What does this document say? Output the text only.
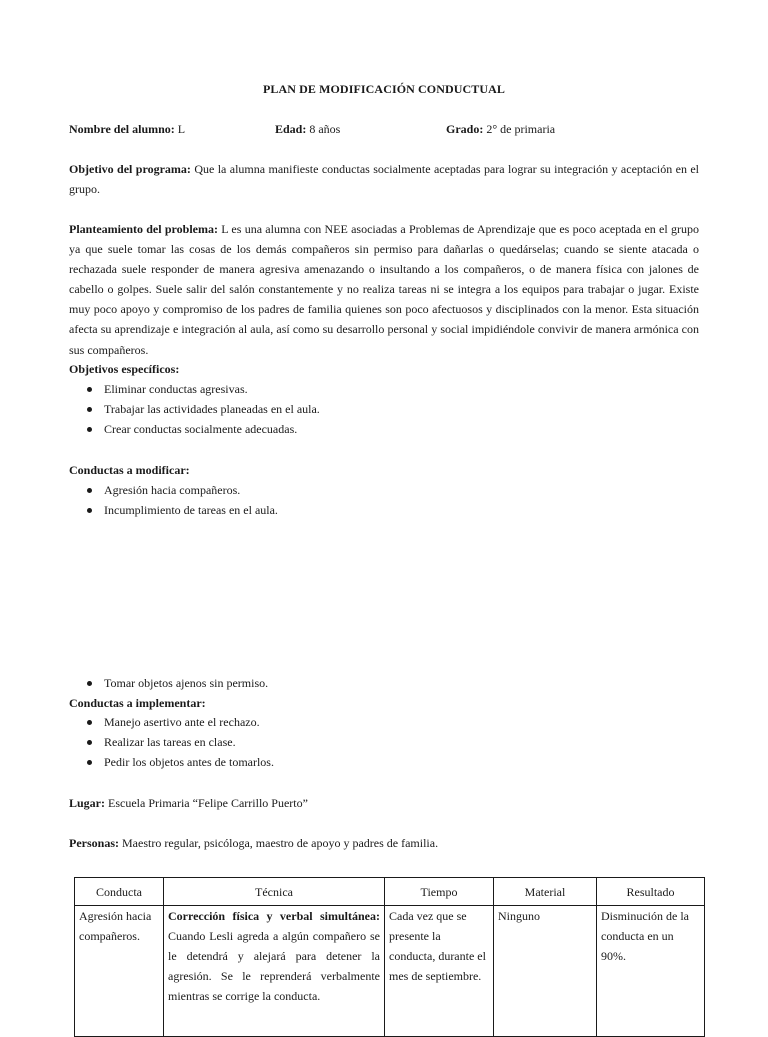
PLAN DE MODIFICACIÓN CONDUCTUAL
Nombre del alumno: L	Edad: 8 años	Grado: 2° de primaria
Objetivo del programa: Que la alumna manifieste conductas socialmente aceptadas para lograr su integración y aceptación en el grupo.
Planteamiento del problema: L es una alumna con NEE asociadas a Problemas de Aprendizaje que es poco aceptada en el grupo ya que suele tomar las cosas de los demás compañeros sin permiso para dañarlas o quedárselas; cuando se siente atacada o rechazada suele responder de manera agresiva amenazando o insultando a los compañeros, o de manera física con jalones de cabello o golpes. Suele salir del salón constantemente y no realiza tareas ni se integra a los equipos para trabajar o jugar. Existe muy poco apoyo y compromiso de los padres de familia quienes son poco afectuosos y disciplinados con la menor. Esta situación afecta su aprendizaje e integración al aula, así como su desarrollo personal y social impidiéndole convivir de manera armónica con sus compañeros.
Objetivos específicos:
Eliminar conductas agresivas.
Trabajar las actividades planeadas en el aula.
Crear conductas socialmente adecuadas.
Conductas a modificar:
Agresión hacia compañeros.
Incumplimiento de tareas en el aula.
Tomar objetos ajenos sin permiso.
Conductas a implementar:
Manejo asertivo ante el rechazo.
Realizar las tareas en clase.
Pedir los objetos antes de tomarlos.
Lugar: Escuela Primaria “Felipe Carrillo Puerto”
Personas: Maestro regular, psicóloga, maestro de apoyo y padres de familia.
Conducta	Técnica	Tiempo	Material	Resultado
Agresión hacia compañeros.	Corrección física y verbal simultánea: Cuando Lesli agreda a algún compañero se le detendrá y alejará para detener la agresión. Se le reprenderá verbalmente mientras se corrige la conducta.	Cada vez que se presente la conducta, durante el mes de septiembre.	Ninguno	Disminución de la conducta en un 90%.
